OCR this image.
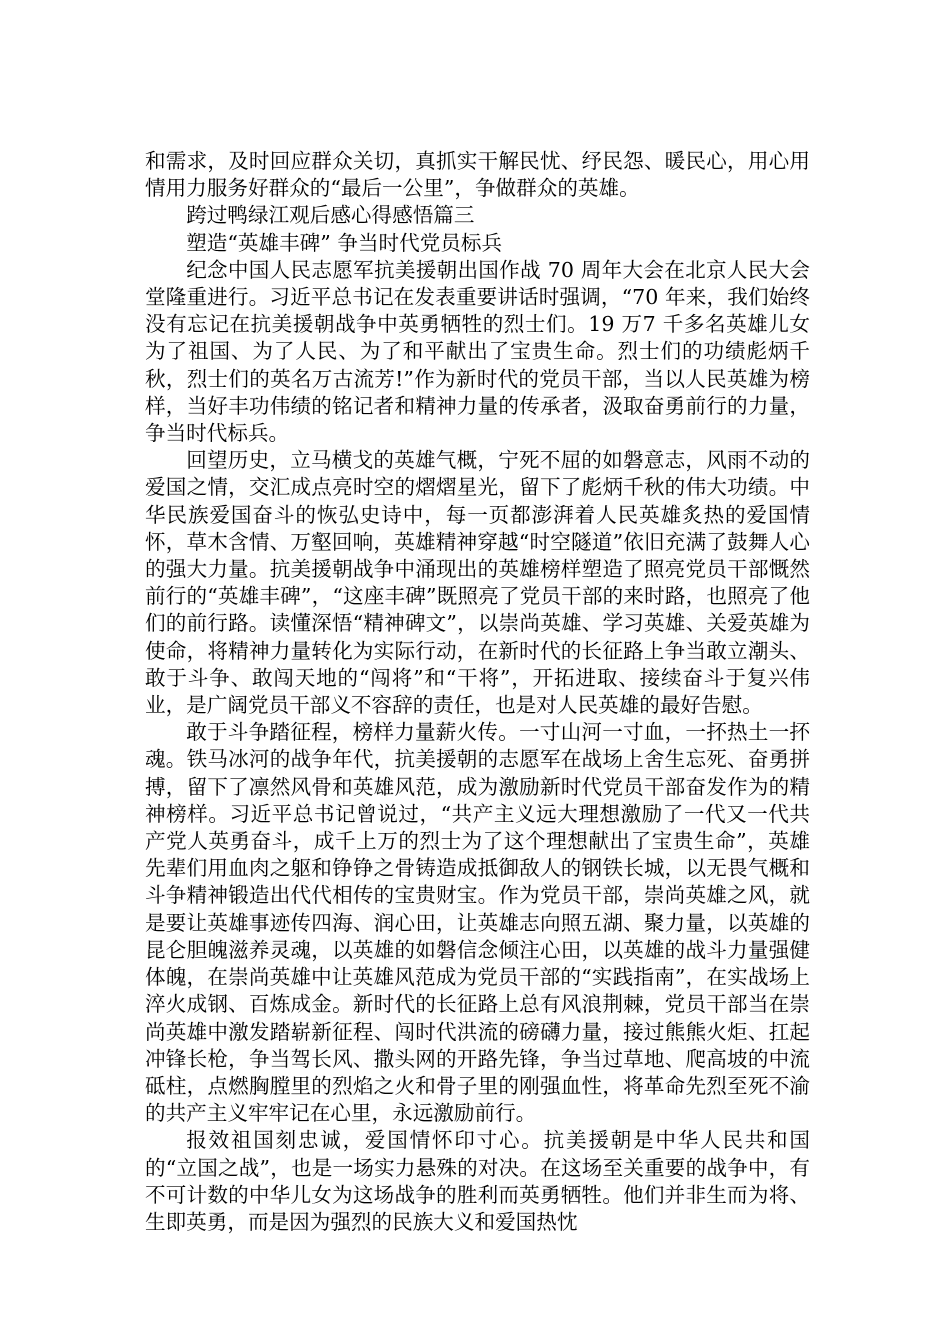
和需求，及时回应群众关切，真抓实干解民忧、纾民怨、暖民心，用心用情用力服务好群众的“最后一公里”，争做群众的英雄。

跨过鸭绿江观后感心得感悟篇三

塑造“英雄丰碑” 争当时代党员标兵

纪念中国人民志愿军抗美援朝出国作战 70 周年大会在北京人民大会堂隆重进行。习近平总书记在发表重要讲话时强调，“70 年来，我们始终没有忘记在抗美援朝战争中英勇牺牲的烈士们。19 万7 千多名英雄儿女为了祖国、为了人民、为了和平献出了宝贵生命。烈士们的功绩彪炳千秋，烈士们的英名万古流芳!”作为新时代的党员干部，当以人民英雄为榜样，当好丰功伟绩的铭记者和精神力量的传承者，汲取奋勇前行的力量，争当时代标兵。

回望历史，立马横戈的英雄气概，宁死不屈的如磐意志，风雨不动的爱国之情，交汇成点亮时空的熠熠星光，留下了彪炳千秋的伟大功绩。中华民族爱国奋斗的恢弘史诗中，每一页都澎湃着人民英雄炙热的爱国情怀，草木含情、万壑回响，英雄精神穿越“时空隧道”依旧充满了鼓舞人心的强大力量。抗美援朝战争中涌现出的英雄榜样塑造了照亮党员干部慨然前行的“英雄丰碑”，“这座丰碑”既照亮了党员干部的来时路，也照亮了他们的前行路。读懂深悟“精神碑文”，以崇尚英雄、学习英雄、关爱英雄为使命，将精神力量转化为实际行动，在新时代的长征路上争当敢立潮头、敢于斗争、敢闯天地的“闯将”和“干将”，开拓进取、接续奋斗于复兴伟业，是广阔党员干部义不容辞的责任，也是对人民英雄的最好告慰。

敢于斗争踏征程，榜样力量薪火传。一寸山河一寸血，一抔热土一抔魂。铁马冰河的战争年代，抗美援朝的志愿军在战场上舍生忘死、奋勇拼搏，留下了凛然风骨和英雄风范，成为激励新时代党员干部奋发作为的精神榜样。习近平总书记曾说过，“共产主义远大理想激励了一代又一代共产党人英勇奋斗，成千上万的烈士为了这个理想献出了宝贵生命”，英雄先辈们用血肉之躯和铮铮之骨铸造成抵御敌人的钢铁长城，以无畏气概和斗争精神锻造出代代相传的宝贵财宝。作为党员干部，崇尚英雄之风，就是要让英雄事迹传四海、润心田，让英雄志向照五湖、聚力量，以英雄的昆仑胆魄滋养灵魂，以英雄的如磐信念倾注心田，以英雄的战斗力量强健体魄，在崇尚英雄中让英雄风范成为党员干部的“实践指南”，在实战场上淬火成钢、百炼成金。新时代的长征路上总有风浪荆棘，党员干部当在崇尚英雄中激发踏崭新征程、闯时代洪流的磅礴力量，接过熊熊火炬、扛起冲锋长枪，争当驾长风、撒头网的开路先锋，争当过草地、爬高坡的中流砥柱，点燃胸膛里的烈焰之火和骨子里的刚强血性，将革命先烈至死不渝的共产主义牢牢记在心里，永远激励前行。

报效祖国刻忠诚，爱国情怀印寸心。抗美援朝是中华人民共和国的“立国之战”，也是一场实力悬殊的对决。在这场至关重要的战争中，有不可计数的中华儿女为这场战争的胜利而英勇牺牲。他们并非生而为将、生即英勇，而是因为强烈的民族大义和爱国热忱
